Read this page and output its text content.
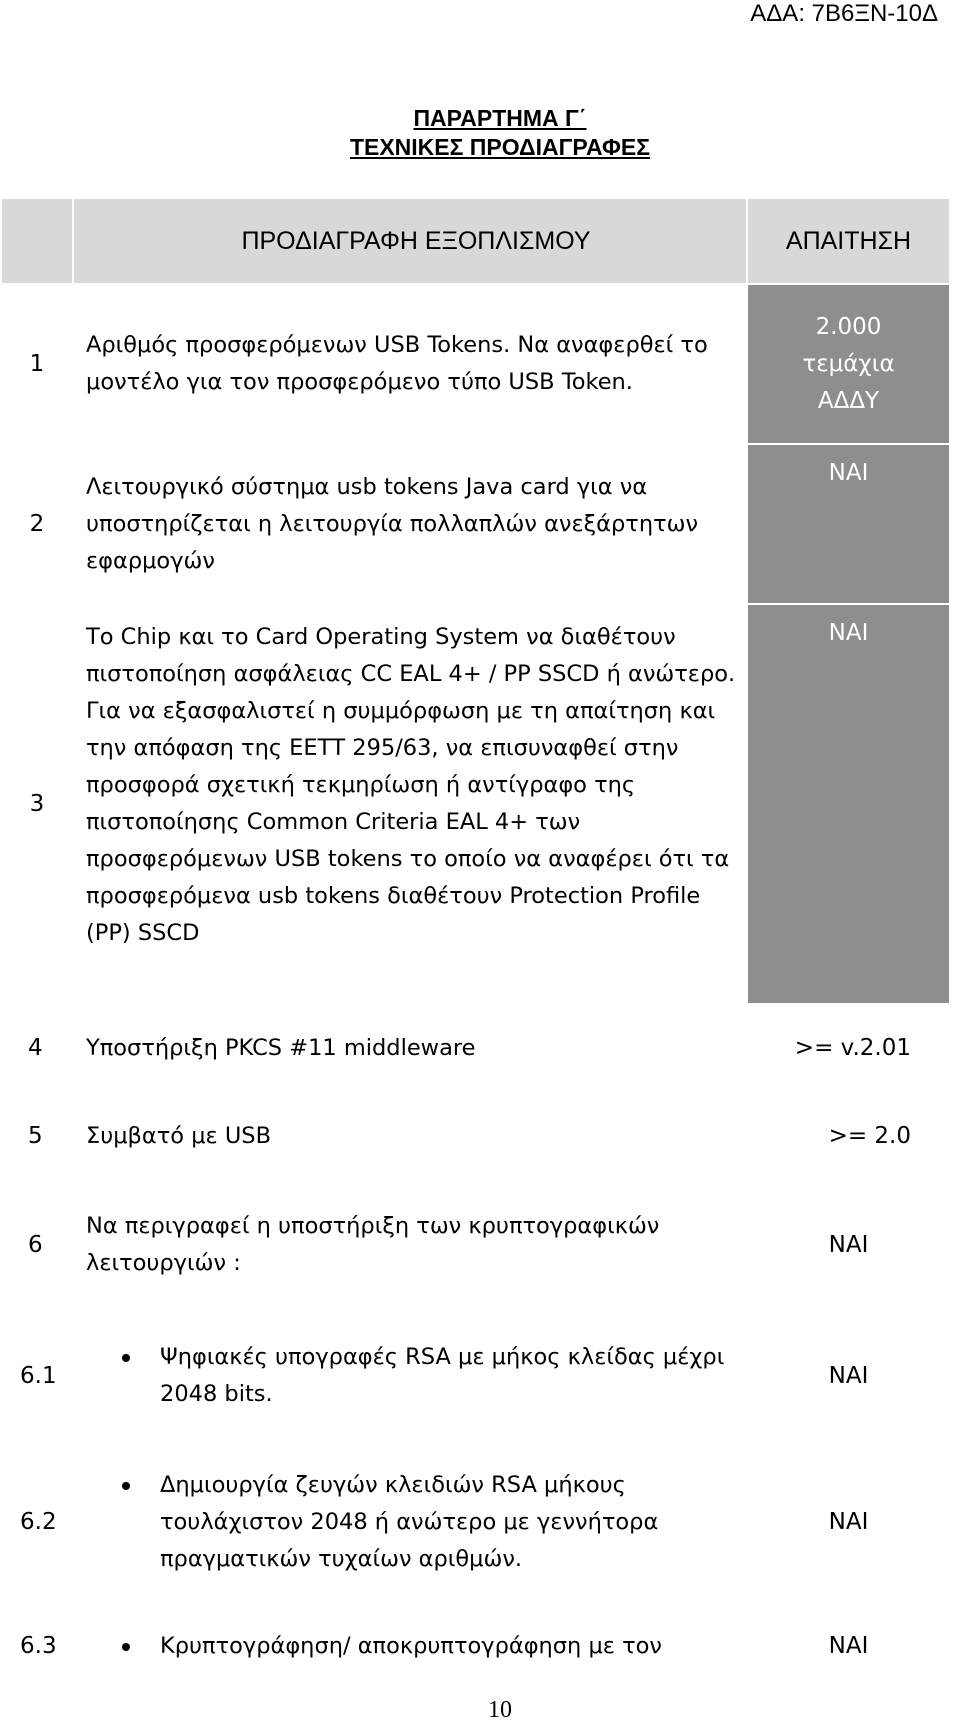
ΑΔΑ: 7Β6ΞΝ-10Δ
ΠΑΡΑΡΤΗΜΑ Γ΄
ΤΕΧΝΙΚΕΣ ΠΡΟΔΙΑΓΡΑΦΕΣ
	ΠΡΟΔΙΑΓΡΑΦΗ ΕΞΟΠΛΙΣΜΟΥ	ΑΠΑΙΤΗΣΗ
1	Αριθμός προσφερόμενων USB Tokens. Να αναφερθεί το μοντέλο για τον προσφερόμενο τύπο USB Token.	2.000 τεμάχια ΑΔΔΥ

2	Λειτουργικό σύστημα usb tokens Java card για να υποστηρίζεται η λειτουργία πολλαπλών ανεξάρτητων εφαρμογών	ΝΑΙ
3	Το Chip και το Card Operating System να διαθέτουν πιστοποίηση ασφάλειας CC EAL 4+ / PP SSCD ή ανώτερο. Για να εξασφαλιστεί η συμμόρφωση με τη απαίτηση και την απόφαση της ΕΕΤΤ 295/63, να επισυναφθεί στην προσφορά σχετική τεκμηρίωση ή αντίγραφο της πιστοποίησης Common Criteria EAL 4+ των προσφερόμενων USB tokens το οποίο να αναφέρει ότι τα προσφερόμενα usb tokens διαθέτουν Protection Profile (PP) SSCD	ΝΑΙ
4	Υποστήριξη PKCS #11 middleware	>= v.2.01
5	Συμβατό με USB	>= 2.0
6	Να περιγραφεί η υποστήριξη των κρυπτογραφικών λειτουργιών :	ΝΑΙ
6.1	Ψηφιακές υπογραφές RSA με μήκος κλείδας μέχρι 2048 bits.	ΝΑΙ
6.2	Δημιουργία ζευγών κλειδιών RSA μήκους τουλάχιστον 2048 ή ανώτερο με γεννήτορα πραγματικών τυχαίων αριθμών.	ΝΑΙ
6.3	Κρυπτογράφηση/ αποκρυπτογράφηση με τον	ΝΑΙ
10
